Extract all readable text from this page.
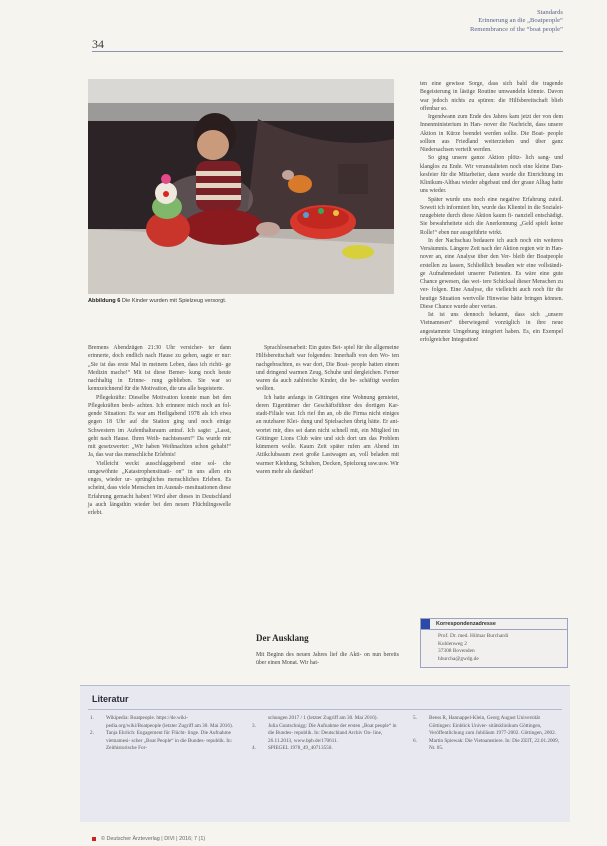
34
Standards
Erinnerung an die „Boatpeople“
Remembrance of the “boat people”
Abbildung 6 Die Kinder wurden mit Spielzeug versorgt.

Bremens Abendzügen 21:30 Uhr versicher- ter dann erinnerte, doch endlich nach Hause zu gehen, sagte er nur: „Sie ist das erste Mal in meinem Leben, dass ich richti- ge Medizin mache!“ Mit ist diese Bemer- kung noch heute nachhaltig in Erinne- rung geblieben. Sie war so kennzeichnend für die Motivation, die uns alle begeisterte.

Pflegekräfte: Dieselbe Motivation konnte man bei den Pflegekräften beob- achten. Ich erinnere mich noch an fol- gende Situation: Es war am Heiligabend 1978 als ich etwa gegen 18 Uhr auf die Station ging und noch einige Schwestern im Aufenthaltsraum antraf. Ich sagte: „Lasst, geht nach Hause. Ihren Weih- nachtsessen!“ Da wurde mir mit gesetzwerter: „Wir haben Weihnachten schon gehabt!“ Ja, das war das menschliche Erlebnis!

Vielleicht weckt ausschlaggebend eine sol- che umgewöhnte „Katastrophensituati- on“ in uns allen ein enges, wieder ur- sprüngliches menschliches Erleben. Es scheint, dass viele Menschen im Ausnah- mesituationen diese Erfahrung gemacht haben! Wird aber dieses in Deutschland ja auch längsthin wieder bei den neuen Flüchtlingswelle erlebt.

Sprachlosenarbeit: Ein gutes Bei- spiel für die allgemeine Hilfsbereitschaft war folgendes: Innerhalb von den Wo- ten nachgebrachten, es war dort, Die Boat- people hatten einem und dringend warmen Zeug, Schuhe und dergleichen. Ferner waren da auch zahlreiche Kinder, die be- schäftigt werden wollten.

Ich hatte anfangs in Göttingen eine Wohnung gemietet, deren Eigentümer der Geschäftsführer des dortigen Kar- stadt-Filiale war. Ich rief ihn an, ob die Firma nicht einiges an nutzbarer Klei- dung und Spielsachen übrig hätte. Er ant- wortet mir, dies sei dann nicht schnell mit, ein Mitglied im Göttinger Lions Club wäre und sich dort um das Problem kümmern wolle. Kaum Zeit später rufen am Abend im Attikclubsaum zwei große Lastwagen an, voll beladen mit warmer Kleidung, Schuhen, Decken, Spielzeug usw.usw. Wir waren mehr als dankbar!

Der Ausklang

Mit Beginn des neuen Jahres lief die Akti- on nun bereits über einen Monat. Wir hat-

ten eine gewisse Sorge, dass sich bald die tragende Begeisterung in lästige Routine umwandeln könnte. Davon war jedoch nichts zu spüren: die Hilfsbereitschaft blieb offenbar so.

Irgendwann zum Ende des Jahres kam jetzt der von dem Innenministerium in Han- nover die Nachricht, dass unsere Aktion in Kürze beendet werden sollte. Die Boat- people sollten aus Friedland weiterziehen und über ganz Niedersachsen verteilt werden.

So ging unsere ganze Aktion plötz- lich sang- und klanglos zu Ende. Wir veranstalteten noch eine kleine Dan- kesfeier für die Mitarbeiter, dann wurde die Einrichtung im Klinikum-Altbau wieder abgebaut und der graue Alltag hatte uns wieder.

Später wurde uns noch eine negative Erfahrung zuteil. Soweit ich informiert bin, wurde das Klientel in die Sozialei- nzugebiete durch diese Aktion kaum fi- nanziell entschädigt. Sie bewahrheitete sich die Anerkennung „Geld spielt keine Rolle!“ eben nur ausgeführte wirkt.

In der Nachschau bedauere ich auch noch ein weiteres Versäumnis. Längere Zeit nach der Aktion regten wir in Han- nover an, eine Analyse über den Ver- bleib der Boatpeople erstellen zu lassen, Schließlich besaßen wir eine vollständi- ge Aufnahmedatei unserer Patienten. Es wäre eine gute Chance gewesen, das wei- tere Schicksal dieser Menschen zu ver- folgen. Eine Analyse, die vielleicht auch noch für die heutige Situation wertvolle Hinweise hätte bringen können. Diese Chance wurde aber vertan.

Ist ist uns dennoch bekannt, dass sich „unsere Vietnamesen“ überwiegend vorzüglich in ihre neue angestammte Umgebung integriert haben. Es, ein Exempel erfolgreicher Integration!

Korrespondenzadresse
Prof. Dr. med. Hilmar Burchardi
Kuhlenweg 2
37308 Bovenden
hburcha@gwdg.de
Literatur
1.	Wikipedia: Boatpeople. https://de.wiki- pedia.org/wiki/Boatpeople (letzter Zugriff am 30. Mai 2016).
2.	Tanja Ehrlich: Engagement für Flücht- linge. Die Aufnahme vietnamesi- scher „Boat People“ in die Bundes- republik. In: Zeithistorische For-
schungen 2017 / 1 (letzter Zugriff am 30. Mai 2016).
3.	Julia Guntschnigg: Die Aufnahme der ersten „Boat people“ in die Bundes- republik. In: Deutschland Archiv On- line, 26.11.2013, www.bpb.de/170611.
4.	SPIEGEL 1978_49_40713550.
5.	Beess R, Hannappel-Klein, Georg August Universität Göttingen: Einblick Univer- sitätsklinikum Göttingen, Veröffentlichung zum Jubiläum 1977-2002. Göttingen, 2002.
6.	Martin Spiewak: Die Vietnamstiere. In: Die ZEIT, 22.01.2009, Nr. 05.
© Deutscher Ärzteverlag | DIVI | 2016; 7 (1)
